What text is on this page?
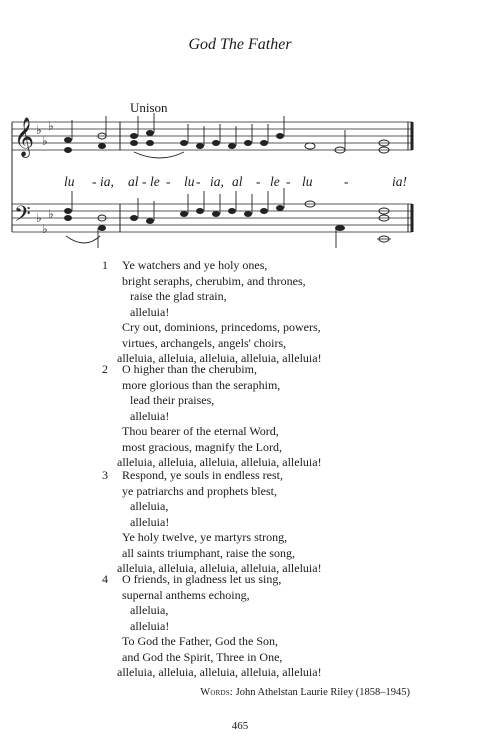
God The Father
Unison
𝄞
𝄢
♭
♭
♭
♭
♭
♭
lu - ia, al - le - lu - ia, al - le - lu -	ia!
1	Ye watchers and ye holy ones,
bright seraphs, cherubim, and thrones,
raise the glad strain,
alleluia!
Cry out, dominions, princedoms, powers,
virtues, archangels, angels' choirs,
alleluia, alleluia, alleluia, alleluia, alleluia!
2	O higher than the cherubim,
more glorious than the seraphim,
lead their praises,
alleluia!
Thou bearer of the eternal Word,
most gracious, magnify the Lord,
alleluia, alleluia, alleluia, alleluia, alleluia!
3	Respond, ye souls in endless rest,
ye patriarchs and prophets blest,
alleluia,
alleluia!
Ye holy twelve, ye martyrs strong,
all saints triumphant, raise the song,
alleluia, alleluia, alleluia, alleluia, alleluia!
4	O friends, in gladness let us sing,
supernal anthems echoing,
alleluia,
alleluia!
To God the Father, God the Son,
and God the Spirit, Three in One,
alleluia, alleluia, alleluia, alleluia, alleluia!
Words: John Athelstan Laurie Riley (1858–1945)
465
